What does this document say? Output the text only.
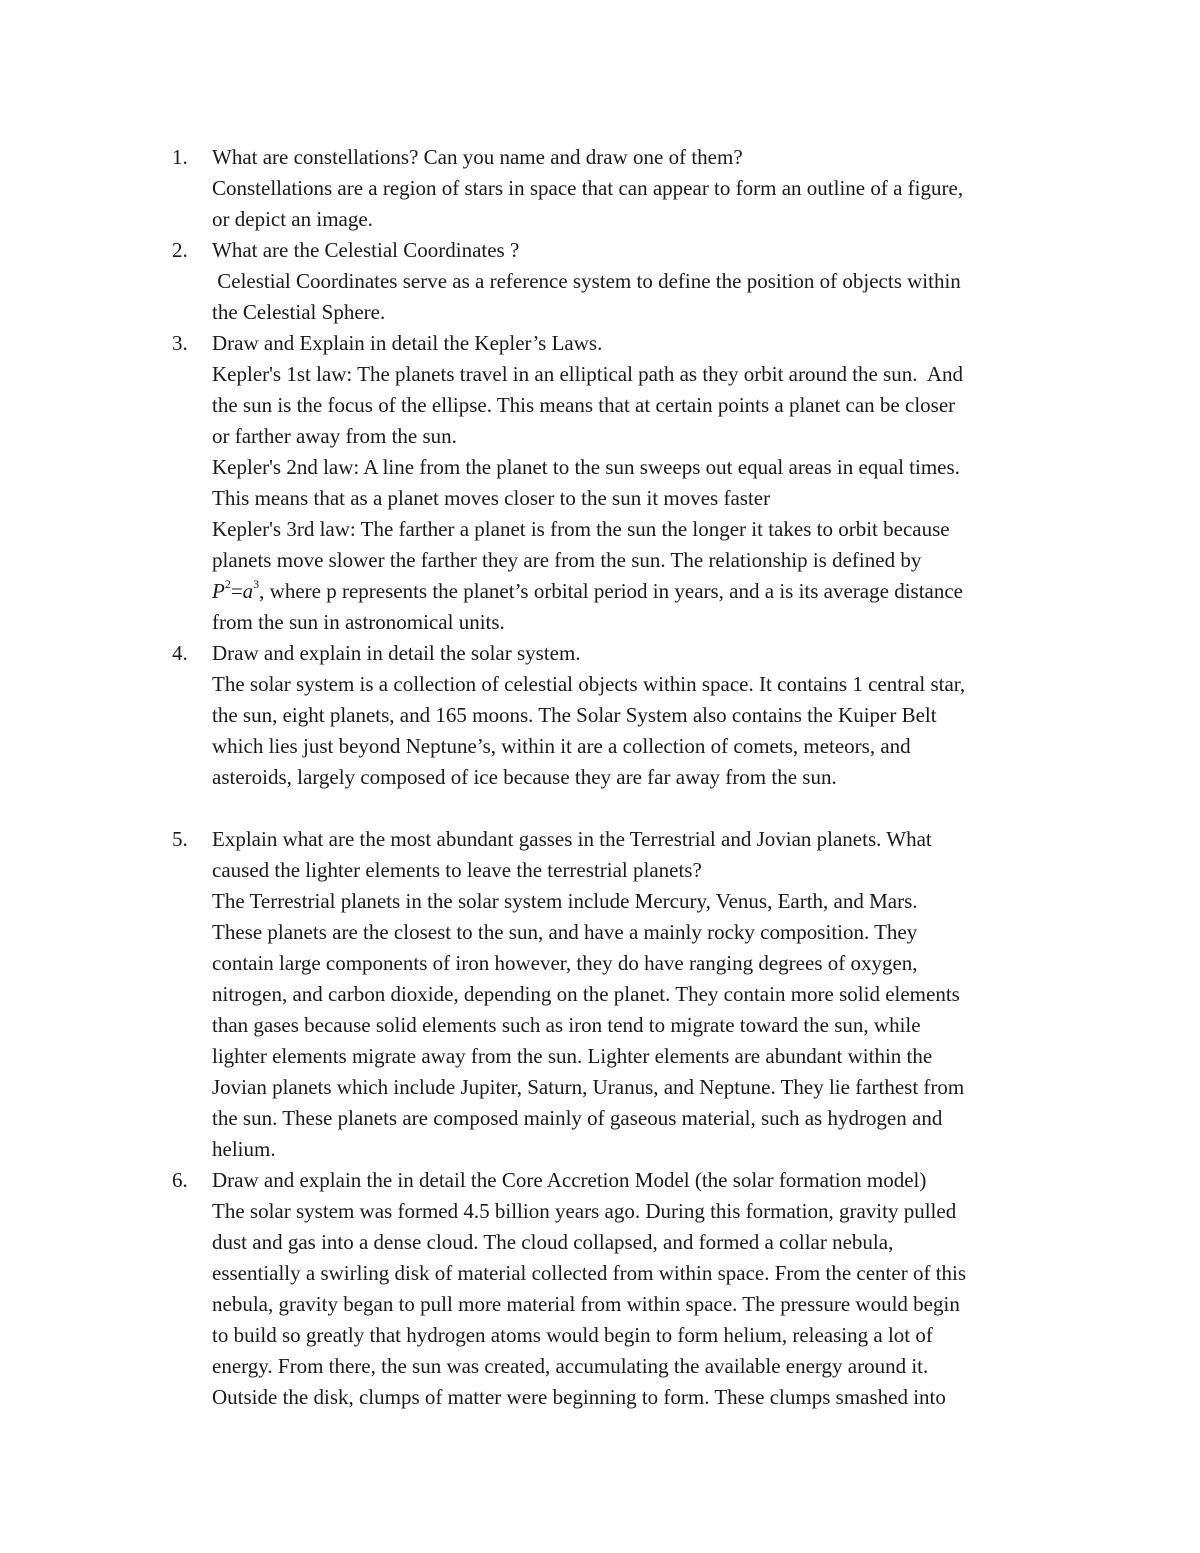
1.	What are constellations? Can you name and draw one of them?
Constellations are a region of stars in space that can appear to form an outline of a figure,
or depict an image.
2.	What are the Celestial Coordinates ?
Celestial Coordinates serve as a reference system to define the position of objects within
the Celestial Sphere.
3.	Draw and Explain in detail the Kepler’s Laws.
Kepler's 1st law: The planets travel in an elliptical path as they orbit around the sun.  And
the sun is the focus of the ellipse. This means that at certain points a planet can be closer
or farther away from the sun.
Kepler's 2nd law: A line from the planet to the sun sweeps out equal areas in equal times.
This means that as a planet moves closer to the sun it moves faster
Kepler's 3rd law: The farther a planet is from the sun the longer it takes to orbit because
planets move slower the farther they are from the sun. The relationship is defined by
$P^2=a^3$, where p represents the planet’s orbital period in years, and a is its average distance
from the sun in astronomical units.
4.	Draw and explain in detail the solar system.
The solar system is a collection of celestial objects within space. It contains 1 central star,
the sun, eight planets, and 165 moons. The Solar System also contains the Kuiper Belt
which lies just beyond Neptune’s, within it are a collection of comets, meteors, and
asteroids, largely composed of ice because they are far away from the sun.
5.	Explain what are the most abundant gasses in the Terrestrial and Jovian planets. What
caused the lighter elements to leave the terrestrial planets?
The Terrestrial planets in the solar system include Mercury, Venus, Earth, and Mars.
These planets are the closest to the sun, and have a mainly rocky composition. They
contain large components of iron however, they do have ranging degrees of oxygen,
nitrogen, and carbon dioxide, depending on the planet. They contain more solid elements
than gases because solid elements such as iron tend to migrate toward the sun, while
lighter elements migrate away from the sun. Lighter elements are abundant within the
Jovian planets which include Jupiter, Saturn, Uranus, and Neptune. They lie farthest from
the sun. These planets are composed mainly of gaseous material, such as hydrogen and
helium.
6.	Draw and explain the in detail the Core Accretion Model (the solar formation model)
The solar system was formed 4.5 billion years ago. During this formation, gravity pulled
dust and gas into a dense cloud. The cloud collapsed, and formed a collar nebula,
essentially a swirling disk of material collected from within space. From the center of this
nebula, gravity began to pull more material from within space. The pressure would begin
to build so greatly that hydrogen atoms would begin to form helium, releasing a lot of
energy. From there, the sun was created, accumulating the available energy around it.
Outside the disk, clumps of matter were beginning to form. These clumps smashed into
